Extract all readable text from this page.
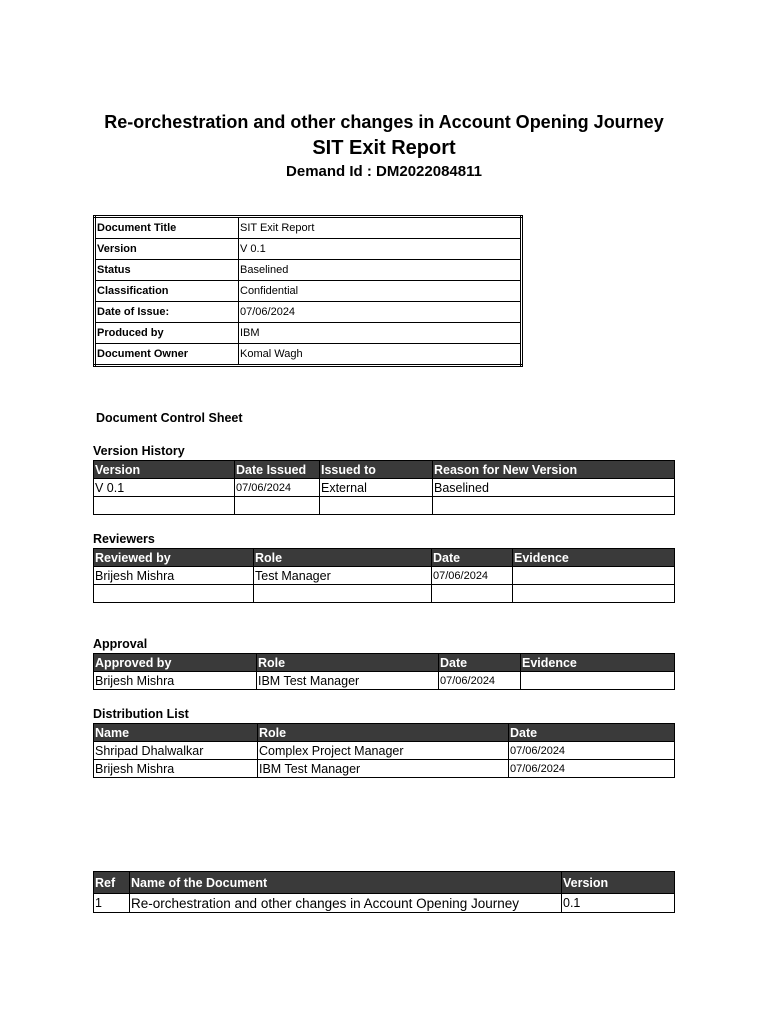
Re-orchestration and other changes in Account Opening Journey
SIT Exit Report
Demand Id : DM2022084811
Document Title	SIT Exit Report
Version	V 0.1
Status	Baselined
Classification	Confidential
Date of Issue:	07/06/2024
Produced by	IBM
Document Owner	Komal Wagh
Document Control Sheet
Version History
Version	Date Issued	Issued to	Reason for New Version
V 0.1	07/06/2024	External	Baselined

Reviewers
Reviewed by	Role	Date	Evidence
Brijesh Mishra	Test Manager	07/06/2024	

Approval
Approved by	Role	Date	Evidence
Brijesh Mishra	IBM Test Manager	07/06/2024	
Distribution List
Name	Role	Date
Shripad Dhalwalkar	Complex Project Manager	07/06/2024
Brijesh Mishra	IBM Test Manager	07/06/2024
Ref	Name of the Document	Version
1	Re-orchestration and other changes in Account Opening Journey	0.1
